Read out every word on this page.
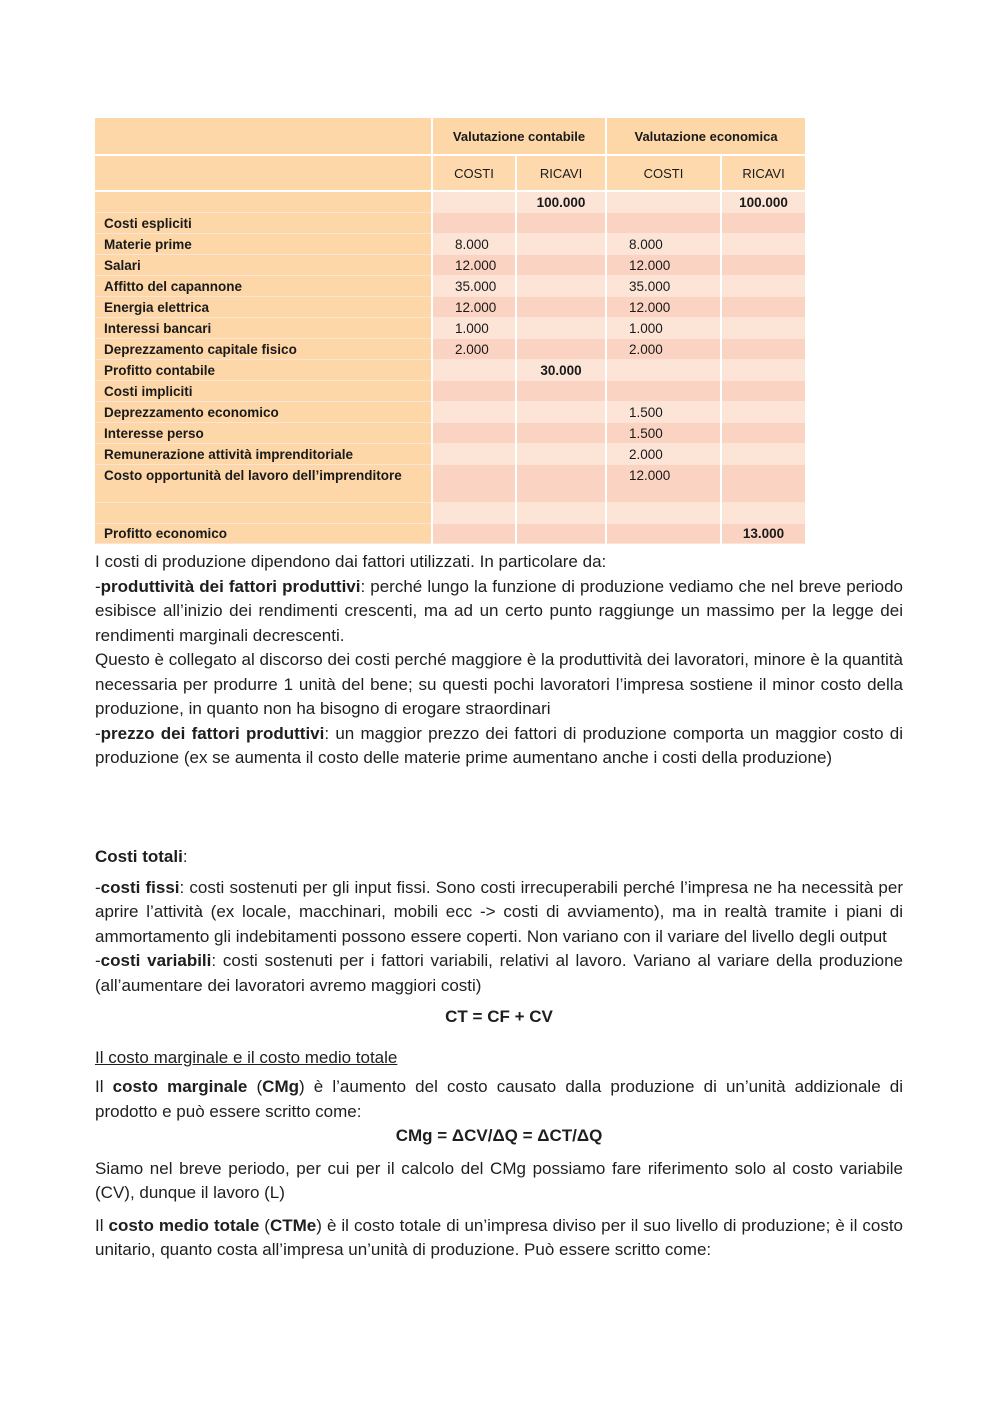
	Valutazione contabile		Valutazione economica	
	COSTI	RICAVI	COSTI	RICAVI
		100.000		100.000
Costi espliciti				
Materie prime	8.000		8.000	
Salari	12.000		12.000	
Affitto del capannone	35.000		35.000	
Energia elettrica	12.000		12.000	
Interessi bancari	1.000		1.000	
Deprezzamento capitale fisico	2.000		2.000	
Profitto contabile		30.000		
Costi impliciti				
Deprezzamento economico			1.500	
Interesse perso			1.500	
Remunerazione attività imprenditoriale			2.000	
Costo opportunità del lavoro dell’imprenditore			12.000	

Profitto economico				13.000

I costi di produzione dipendono dai fattori utilizzati. In particolare da:

-produttività dei fattori produttivi: perché lungo la funzione di produzione vediamo che nel breve periodo esibisce all’inizio dei rendimenti crescenti, ma ad un certo punto raggiunge un massimo per la legge dei rendimenti marginali decrescenti.

Questo è collegato al discorso dei costi perché maggiore è la produttività dei lavoratori, minore è la quantità necessaria per produrre 1 unità del bene; su questi pochi lavoratori l’impresa sostiene il minor costo della produzione, in quanto non ha bisogno di erogare straordinari

-prezzo dei fattori produttivi: un maggior prezzo dei fattori di produzione comporta un maggior costo di produzione (ex se aumenta il costo delle materie prime aumentano anche i costi della produzione)

Costi totali:

-costi fissi: costi sostenuti per gli input fissi. Sono costi irrecuperabili perché l’impresa ne ha necessità per aprire l’attività (ex locale, macchinari, mobili ecc -> costi di avviamento), ma in realtà tramite i piani di ammortamento gli indebitamenti possono essere coperti. Non variano con il variare del livello degli output

-costi variabili: costi sostenuti per i fattori variabili, relativi al lavoro. Variano al variare della produzione (all’aumentare dei lavoratori avremo maggiori costi)

CT = CF + CV

Il costo marginale e il costo medio totale

Il costo marginale (CMg) è l’aumento del costo causato dalla produzione di un’unità addizionale di prodotto e può essere scritto come:

CMg = ΔCV/ΔQ = ΔCT/ΔQ

Siamo nel breve periodo, per cui per il calcolo del CMg possiamo fare riferimento solo al costo variabile (CV), dunque il lavoro (L)

Il costo medio totale (CTMe) è il costo totale di un’impresa diviso per il suo livello di produzione; è il costo unitario, quanto costa all’impresa un’unità di produzione. Può essere scritto come:
